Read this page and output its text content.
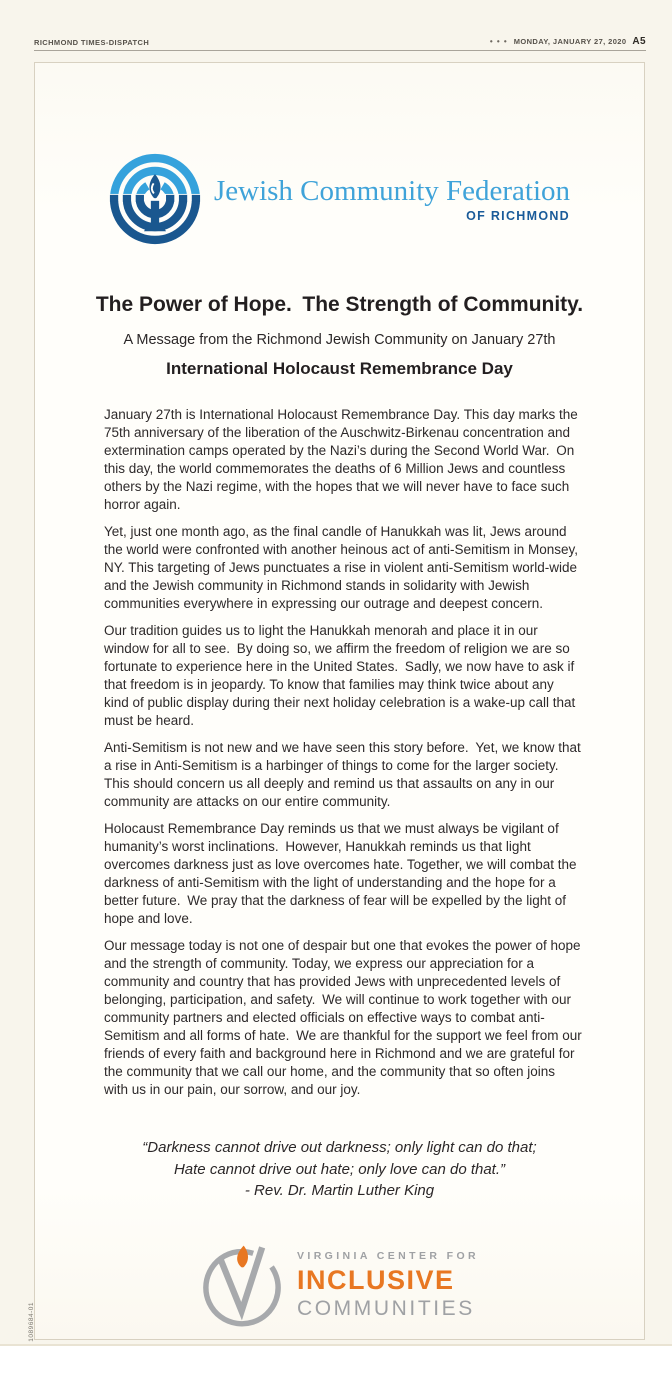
RICHMOND TIMES-DISPATCH	• • • MONDAY, JANUARY 27, 2020 A5
Jewish Community Federation
OF RICHMOND
The Power of Hope. The Strength of Community.
A Message from the Richmond Jewish Community on January 27th
International Holocaust Remembrance Day

January 27th is International Holocaust Remembrance Day. This day marks the 75th anniversary of the liberation of the Auschwitz-Birkenau concentration and extermination camps operated by the Nazi’s during the Second World War. On this day, the world commemorates the deaths of 6 Million Jews and countless others by the Nazi regime, with the hopes that we will never have to face such horror again.

Yet, just one month ago, as the final candle of Hanukkah was lit, Jews around the world were confronted with another heinous act of anti-Semitism in Monsey, NY. This targeting of Jews punctuates a rise in violent anti-Semitism world-wide and the Jewish community in Richmond stands in solidarity with Jewish communities everywhere in expressing our outrage and deepest concern.

Our tradition guides us to light the Hanukkah menorah and place it in our window for all to see. By doing so, we affirm the freedom of religion we are so fortunate to experience here in the United States. Sadly, we now have to ask if that freedom is in jeopardy. To know that families may think twice about any kind of public display during their next holiday celebration is a wake-up call that must be heard.

Anti-Semitism is not new and we have seen this story before. Yet, we know that a rise in Anti-Semitism is a harbinger of things to come for the larger society. This should concern us all deeply and remind us that assaults on any in our community are attacks on our entire community.

Holocaust Remembrance Day reminds us that we must always be vigilant of humanity’s worst inclinations. However, Hanukkah reminds us that light overcomes darkness just as love overcomes hate. Together, we will combat the darkness of anti-Semitism with the light of understanding and the hope for a better future. We pray that the darkness of fear will be expelled by the light of hope and love.

Our message today is not one of despair but one that evokes the power of hope and the strength of community. Today, we express our appreciation for a community and country that has provided Jews with unprecedented levels of belonging, participation, and safety. We will continue to work together with our community partners and elected officials on effective ways to combat anti-Semitism and all forms of hate. We are thankful for the support we feel from our friends of every faith and background here in Richmond and we are grateful for the community that we call our home, and the community that so often joins with us in our pain, our sorrow, and our joy.

“Darkness cannot drive out darkness; only light can do that;
Hate cannot drive out hate; only love can do that.”
- Rev. Dr. Martin Luther King
VIRGINIA CENTER FOR
INCLUSIVE
COMMUNITIES
1089684-01
